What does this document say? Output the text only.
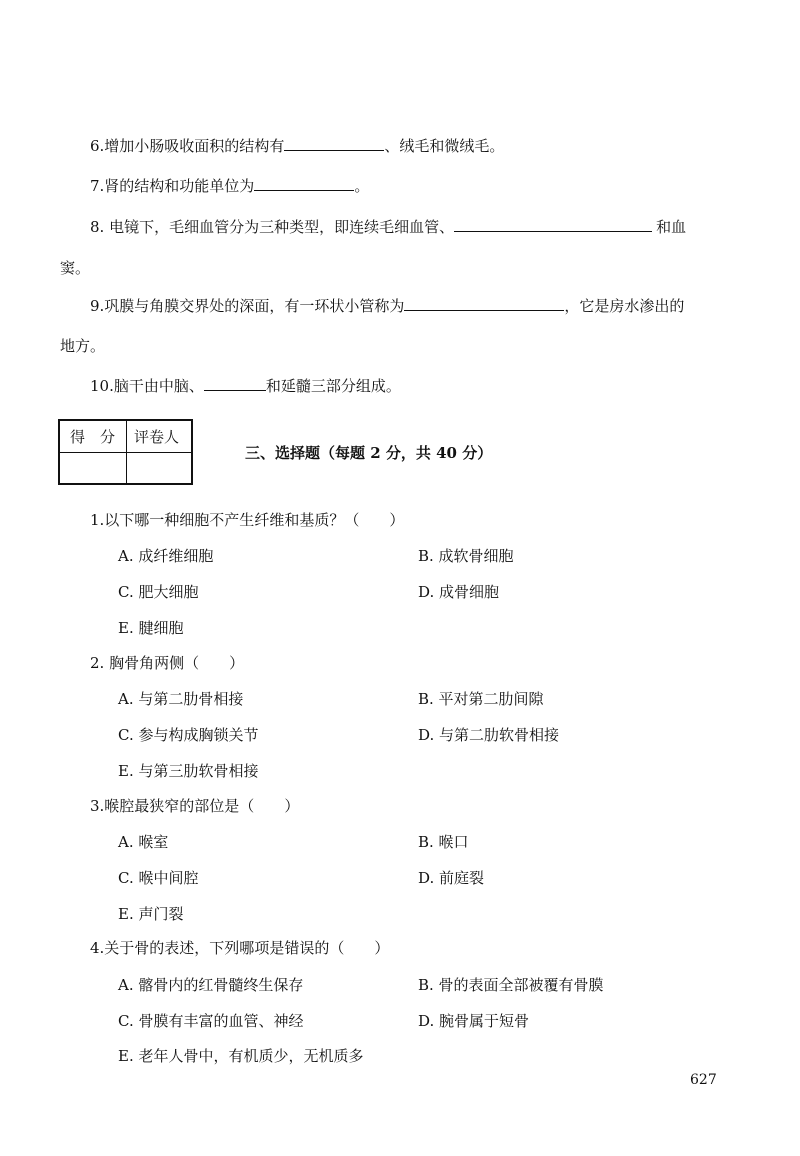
6.增加小肠吸收面积的结构有	、绒毛和微绒毛。
7.肾的结构和功能单位为	。
8. 电镜下，毛细血管分为三种类型，即连续毛细血管、	和血
窦。
9.巩膜与角膜交界处的深面，有一环状小管称为	，它是房水渗出的
地方。
10.脑干由中脑、	和延髓三部分组成。
得　分 评卷人
三、选择题（每题 2 分，共 40 分）
1.以下哪一种细胞不产生纤维和基质？（　　）
A. 成纤维细胞	B. 成软骨细胞
C. 肥大细胞	D. 成骨细胞
E. 腱细胞
2. 胸骨角两侧（　　）
A. 与第二肋骨相接	B. 平对第二肋间隙
C. 参与构成胸锁关节	D. 与第二肋软骨相接
E. 与第三肋软骨相接
3.喉腔最狭窄的部位是（　　）
A. 喉室	B. 喉口
C. 喉中间腔	D. 前庭裂
E. 声门裂
4.关于骨的表述，下列哪项是错误的（　　）
A. 髂骨内的红骨髓终生保存	B. 骨的表面全部被覆有骨膜
C. 骨膜有丰富的血管、神经	D. 腕骨属于短骨
E. 老年人骨中，有机质少，无机质多
627
